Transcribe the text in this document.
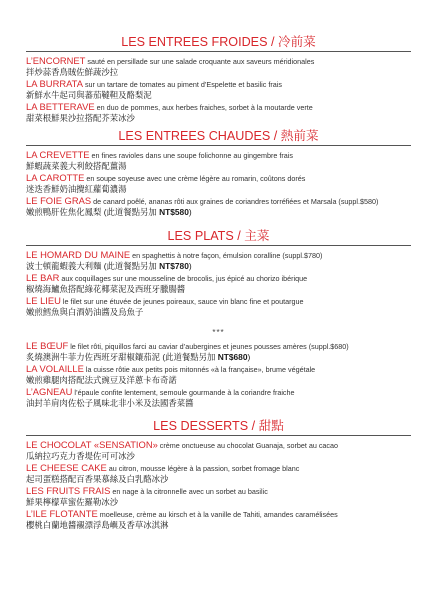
LES ENTREES FROIDES / 冷前菜
L’ENCORNET sauté en persillade sur une salade croquante aux saveurs méridionales
拌炒蒜香鳥賊佐鮮蔬沙拉
LA BURRATA sur un tartare de tomates au piment d’Espelette et basilic frais
新鮮水牛起司與蕃茄韃靼及酪梨泥
LA BETTERAVE en duo de pommes, aux herbes fraiches, sorbet à la moutarde verte
甜菜根鮮果沙拉搭配芥茉冰沙
LES ENTREES CHAUDES / 熱前菜
LA CREVETTE en fines ravioles dans une soupe folichonne au gingembre frais
鮮蝦蔬菜義大利餃搭配薑湯
LA CAROTTE en soupe soyeuse avec une crème légère au romarin, coûtons dorés
迷迭香鮮奶油攪紅蘿蔔濃湯
LE FOIE GRAS de canard poêlé, ananas rôti aux graines de coriandres torréfiées et Marsala (suppl.$580)
嫩煎鴨肝佐焦化鳳梨 (此道餐點另加 NT$580)
LES PLATS / 主菜
LE HOMARD DU MAINE en spaghettis à notre façon, émulsion coralline (suppl.$780)
波士頓龍蝦義大利麵 (此道餐點另加 NT$780)
LE BAR aux coquillages sur une mousseline de brocolis, jus épicé au chorizo ibérique
椒燒海鱸魚搭配綠花椰菜泥及西班牙臘腸醬
LE LIEU le filet sur une étuvée de jeunes poireaux, sauce vin blanc fine et poutargue
嫩煎鱈魚與白酒奶油醬及烏魚子
***
LE BŒUF le filet rôti, piquillos farci au caviar d’aubergines et jeunes pousses amères (suppl.$680)
炙燒澳洲牛菲力佐西班牙甜椒鑲茄泥 (此道餐點另加 NT$680)
LA VOLAILLE la cuisse rôtie aux petits pois mitonnés «à la française», brume végétale
嫩煎雞腿肉搭配法式豌豆及洋蔥卡布奇諾
L’AGNEAU l’épaule confite lentement, semoule gourmande à la coriandre fraiche
油封羊肩肉佐松子風味北非小米及法國香菜醬
LES DESSERTS / 甜點
LE CHOCOLAT «SENSATION» crème onctueuse au chocolat Guanaja, sorbet au cacao
瓜納拉巧克力香堤佐可可冰沙
LE CHEESE CAKE au citron, mousse légère à la passion, sorbet fromage blanc
起司蛋糕搭配百香果慕絲及白乳酪冰沙
LES FRUITS FRAIS en nage à la citronnelle avec un sorbet au basilic
鮮果檸檬草蜜佐羅勒冰沙
L’ILE FLOTANTE moelleuse, crème au kirsch et à la vanille de Tahiti, amandes caramélisées
櫻桃白蘭地醬襯漂浮島嶼及香草冰淇淋
